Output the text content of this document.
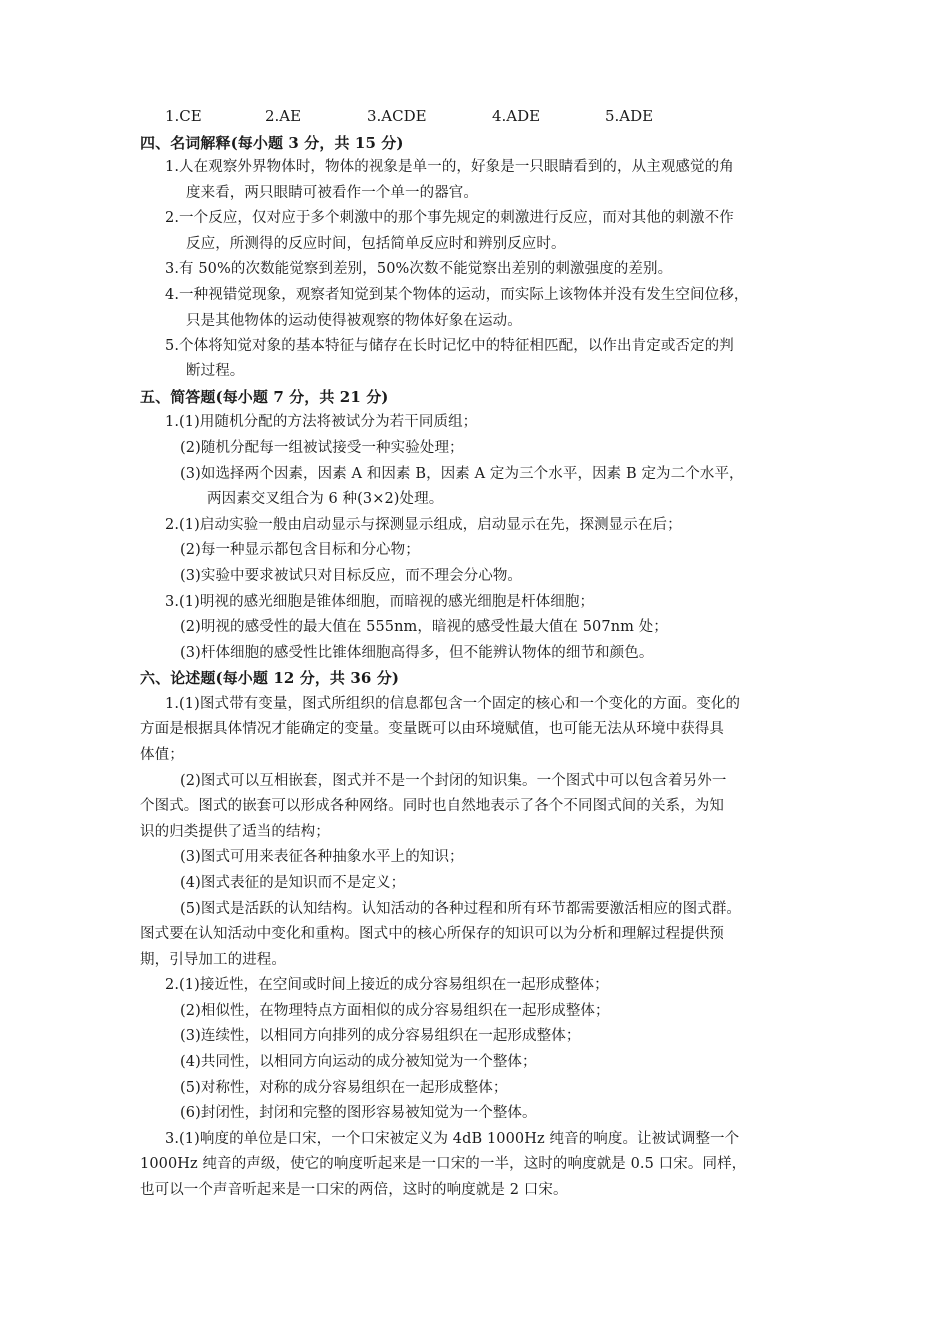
1.CE	2.AE	3.ACDE	4.ADE	5.ADE
四、名词解释(每小题 3 分，共 15 分)
1.人在观察外界物体时，物体的视象是单一的，好象是一只眼睛看到的，从主观感觉的角
度来看，两只眼睛可被看作一个单一的器官。
2.一个反应，仅对应于多个刺激中的那个事先规定的刺激进行反应，而对其他的刺激不作
反应，所测得的反应时间，包括简单反应时和辨别反应时。
3.有 50%的次数能觉察到差别，50%次数不能觉察出差别的刺激强度的差别。
4.一种视错觉现象，观察者知觉到某个物体的运动，而实际上该物体并没有发生空间位移，
只是其他物体的运动使得被观察的物体好象在运动。
5.个体将知觉对象的基本特征与储存在长时记忆中的特征相匹配，以作出肯定或否定的判
断过程。
五、简答题(每小题 7 分，共 21 分)
1.(1)用随机分配的方法将被试分为若干同质组；
(2)随机分配每一组被试接受一种实验处理；
(3)如选择两个因素，因素 A 和因素 B，因素 A 定为三个水平，因素 B 定为二个水平，
两因素交叉组合为 6 种(3×2)处理。
2.(1)启动实验一般由启动显示与探测显示组成，启动显示在先，探测显示在后；
(2)每一种显示都包含目标和分心物；
(3)实验中要求被试只对目标反应，而不理会分心物。
3.(1)明视的感光细胞是锥体细胞，而暗视的感光细胞是杆体细胞；
(2)明视的感受性的最大值在 555nm，暗视的感受性最大值在 507nm 处；
(3)杆体细胞的感受性比锥体细胞高得多，但不能辨认物体的细节和颜色。
六、论述题(每小题 12 分，共 36 分)
1.(1)图式带有变量，图式所组织的信息都包含一个固定的核心和一个变化的方面。变化的
方面是根据具体情况才能确定的变量。变量既可以由环境赋值，也可能无法从环境中获得具
体值；
(2)图式可以互相嵌套，图式并不是一个封闭的知识集。一个图式中可以包含着另外一
个图式。图式的嵌套可以形成各种网络。同时也自然地表示了各个不同图式间的关系，为知
识的归类提供了适当的结构；
(3)图式可用来表征各种抽象水平上的知识；
(4)图式表征的是知识而不是定义；
(5)图式是活跃的认知结构。认知活动的各种过程和所有环节都需要激活相应的图式群。
图式要在认知活动中变化和重构。图式中的核心所保存的知识可以为分析和理解过程提供预
期，引导加工的进程。
2.(1)接近性，在空间或时间上接近的成分容易组织在一起形成整体；
(2)相似性，在物理特点方面相似的成分容易组织在一起形成整体；
(3)连续性，以相同方向排列的成分容易组织在一起形成整体；
(4)共同性，以相同方向运动的成分被知觉为一个整体；
(5)对称性，对称的成分容易组织在一起形成整体；
(6)封闭性，封闭和完整的图形容易被知觉为一个整体。
3.(1)响度的单位是口宋，一个口宋被定义为 4dB 1000Hz 纯音的响度。让被试调整一个
1000Hz 纯音的声级，使它的响度听起来是一口宋的一半，这时的响度就是 0.5 口宋。同样，
也可以一个声音听起来是一口宋的两倍，这时的响度就是 2 口宋。
